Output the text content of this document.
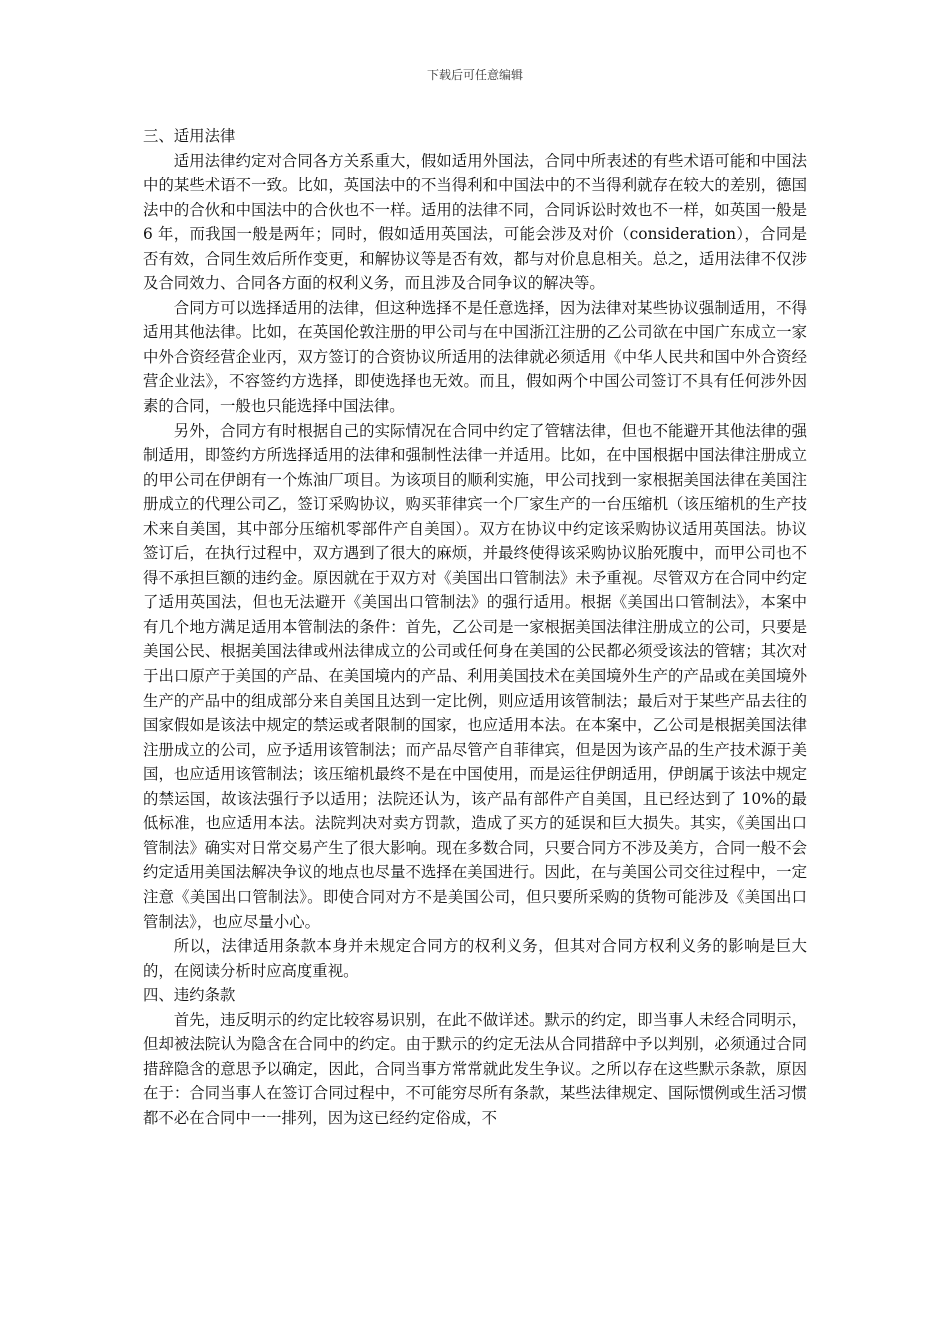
下载后可任意编辑

三、适用法律

适用法律约定对合同各方关系重大，假如适用外国法，合同中所表述的有些术语可能和中国法中的某些术语不一致。比如，英国法中的不当得利和中国法中的不当得利就存在较大的差别，德国法中的合伙和中国法中的合伙也不一样。适用的法律不同，合同诉讼时效也不一样，如英国一般是 6 年，而我国一般是两年；同时，假如适用英国法，可能会涉及对价（consideration），合同是否有效，合同生效后所作变更，和解协议等是否有效，都与对价息息相关。总之，适用法律不仅涉及合同效力、合同各方面的权利义务，而且涉及合同争议的解决等。

合同方可以选择适用的法律，但这种选择不是任意选择，因为法律对某些协议强制适用，不得适用其他法律。比如，在英国伦敦注册的甲公司与在中国浙江注册的乙公司欲在中国广东成立一家中外合资经营企业丙，双方签订的合资协议所适用的法律就必须适用《中华人民共和国中外合资经营企业法》，不容签约方选择，即使选择也无效。而且，假如两个中国公司签订不具有任何涉外因素的合同，一般也只能选择中国法律。

另外，合同方有时根据自己的实际情况在合同中约定了管辖法律，但也不能避开其他法律的强制适用，即签约方所选择适用的法律和强制性法律一并适用。比如，在中国根据中国法律注册成立的甲公司在伊朗有一个炼油厂项目。为该项目的顺利实施，甲公司找到一家根据美国法律在美国注册成立的代理公司乙，签订采购协议，购买菲律宾一个厂家生产的一台压缩机（该压缩机的生产技术来自美国，其中部分压缩机零部件产自美国）。双方在协议中约定该采购协议适用英国法。协议签订后，在执行过程中，双方遇到了很大的麻烦，并最终使得该采购协议胎死腹中，而甲公司也不得不承担巨额的违约金。原因就在于双方对《美国出口管制法》未予重视。尽管双方在合同中约定了适用英国法，但也无法避开《美国出口管制法》的强行适用。根据《美国出口管制法》，本案中有几个地方满足适用本管制法的条件：首先，乙公司是一家根据美国法律注册成立的公司，只要是美国公民、根据美国法律或州法律成立的公司或任何身在美国的公民都必须受该法的管辖；其次对于出口原产于美国的产品、在美国境内的产品、利用美国技术在美国境外生产的产品或在美国境外生产的产品中的组成部分来自美国且达到一定比例，则应适用该管制法；最后对于某些产品去往的国家假如是该法中规定的禁运或者限制的国家，也应适用本法。在本案中，乙公司是根据美国法律注册成立的公司，应予适用该管制法；而产品尽管产自菲律宾，但是因为该产品的生产技术源于美国，也应适用该管制法；该压缩机最终不是在中国使用，而是运往伊朗适用，伊朗属于该法中规定的禁运国，故该法强行予以适用；法院还认为，该产品有部件产自美国，且已经达到了 10%的最低标准，也应适用本法。法院判决对卖方罚款，造成了买方的延误和巨大损失。其实，《美国出口管制法》确实对日常交易产生了很大影响。现在多数合同，只要合同方不涉及美方，合同一般不会约定适用美国法解决争议的地点也尽量不选择在美国进行。因此，在与美国公司交往过程中，一定注意《美国出口管制法》。即使合同对方不是美国公司，但只要所采购的货物可能涉及《美国出口管制法》，也应尽量小心。

所以，法律适用条款本身并未规定合同方的权利义务，但其对合同方权利义务的影响是巨大的，在阅读分析时应高度重视。

四、违约条款

首先，违反明示的约定比较容易识别，在此不做详述。默示的约定，即当事人未经合同明示，但却被法院认为隐含在合同中的约定。由于默示的约定无法从合同措辞中予以判别，必须通过合同措辞隐含的意思予以确定，因此，合同当事方常常就此发生争议。之所以存在这些默示条款，原因在于：合同当事人在签订合同过程中，不可能穷尽所有条款，某些法律规定、国际惯例或生活习惯都不必在合同中一一排列，因为这已经约定俗成，不
